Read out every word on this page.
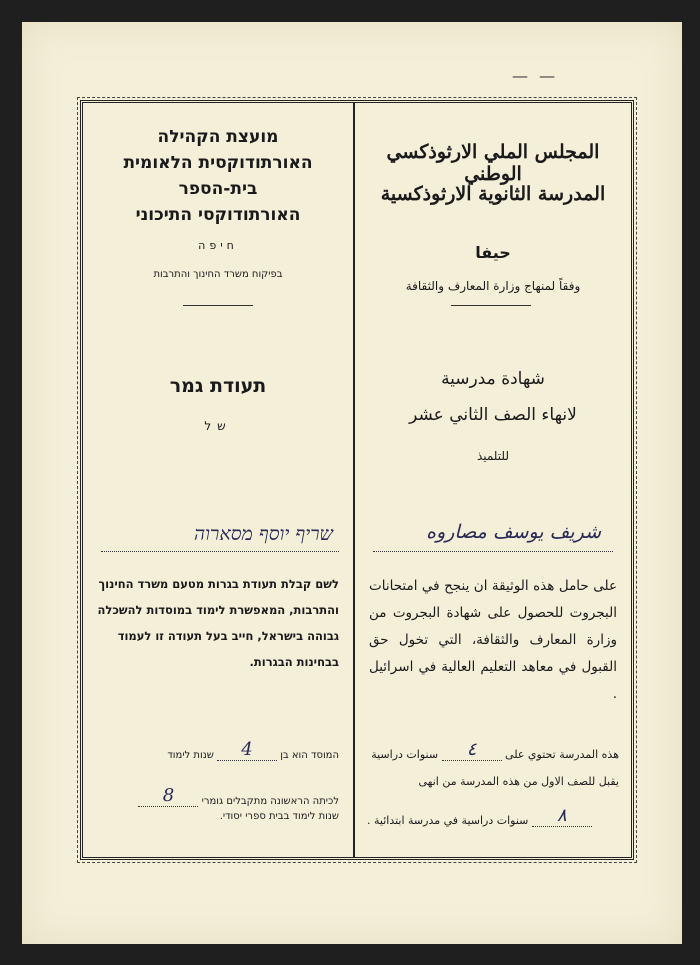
— —
מועצת הקהילה
האורתודוקסית הלאומית
בית-הספר
האורתודוקסי התיכוני
חיפה
בפיקוח משרד החינוך והתרבות
תעודת גמר
של
שריף יוסף מסארוה
לשם קבלת תעודת בגרות מטעם משרד החינוך והתרבות, המאפשרת לימוד במוסדות להשכלה גבוהה בישראל, חייב בעל תעודה זו לעמוד בבחינות הבגרות.
המוסד הוא בן 4 שנות לימוד
לכיתה הראשונה מתקבלים גומרי 8
שנות לימוד בבית ספרי יסודי.
المجلس الملي الارثوذكسي الوطني
المدرسة الثانوية الارثوذكسية
حيفا
وفقاً لمنهاج وزارة المعارف والثقافة
شهادة مدرسية
لانهاء الصف الثاني عشر
للتلميذ
شريف يوسف مصاروه
على حامل هذه الوثيقة ان ينجح في امتحانات البجروت للحصول على شهادة البجروت من وزارة المعارف والثقافة، التي تخول حق القبول في معاهد التعليم العالية في اسرائيل .
هذه المدرسة تحتوي على ٤ سنوات دراسية
يقبل للصف الاول من هذه المدرسة من انهى
٨ سنوات دراسية في مدرسة ابتدائية .
